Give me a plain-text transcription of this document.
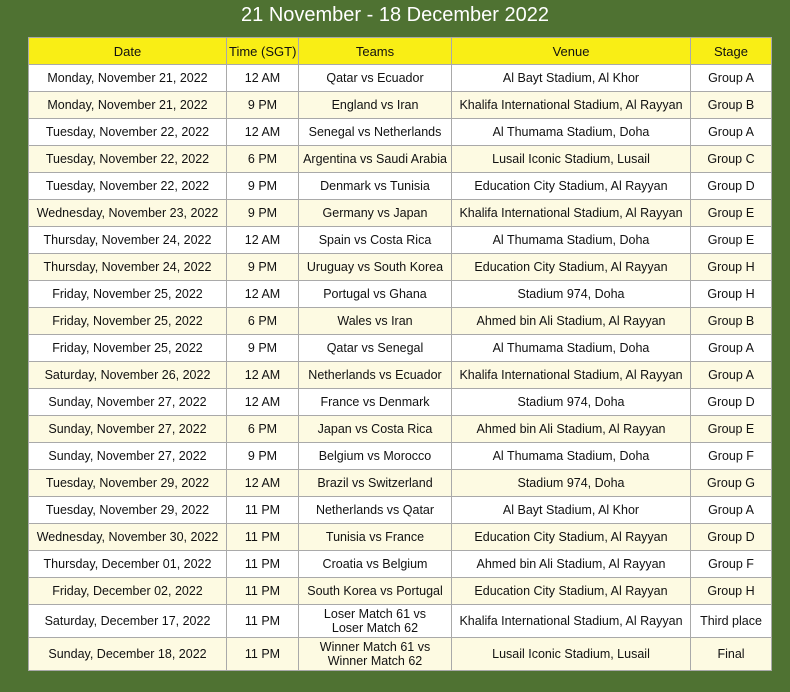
21 November - 18 December 2022
Date	Time (SGT)	Teams	Venue	Stage
Monday, November 21, 2022	12 AM	Qatar vs Ecuador	Al Bayt Stadium, Al Khor	Group A
Monday, November 21, 2022	9 PM	England vs Iran	Khalifa International Stadium, Al Rayyan	Group B
Tuesday, November 22, 2022	12 AM	Senegal vs Netherlands	Al Thumama Stadium, Doha	Group A
Tuesday, November 22, 2022	6 PM	Argentina vs Saudi Arabia	Lusail Iconic Stadium, Lusail	Group C
Tuesday, November 22, 2022	9 PM	Denmark vs Tunisia	Education City Stadium, Al Rayyan	Group D
Wednesday, November 23, 2022	9 PM	Germany vs Japan	Khalifa International Stadium, Al Rayyan	Group E
Thursday, November 24, 2022	12 AM	Spain vs Costa Rica	Al Thumama Stadium, Doha	Group E
Thursday, November 24, 2022	9 PM	Uruguay vs South Korea	Education City Stadium, Al Rayyan	Group H
Friday, November 25, 2022	12 AM	Portugal vs Ghana	Stadium 974, Doha	Group H
Friday, November 25, 2022	6 PM	Wales vs Iran	Ahmed bin Ali Stadium, Al Rayyan	Group B
Friday, November 25, 2022	9 PM	Qatar vs Senegal	Al Thumama Stadium, Doha	Group A
Saturday, November 26, 2022	12 AM	Netherlands vs Ecuador	Khalifa International Stadium, Al Rayyan	Group A
Sunday, November 27, 2022	12 AM	France vs Denmark	Stadium 974, Doha	Group D
Sunday, November 27, 2022	6 PM	Japan vs Costa Rica	Ahmed bin Ali Stadium, Al Rayyan	Group E
Sunday, November 27, 2022	9 PM	Belgium vs Morocco	Al Thumama Stadium, Doha	Group F
Tuesday, November 29, 2022	12 AM	Brazil vs Switzerland	Stadium 974, Doha	Group G
Tuesday, November 29, 2022	11 PM	Netherlands vs Qatar	Al Bayt Stadium, Al Khor	Group A
Wednesday, November 30, 2022	11 PM	Tunisia vs France	Education City Stadium, Al Rayyan	Group D
Thursday, December 01, 2022	11 PM	Croatia vs Belgium	Ahmed bin Ali Stadium, Al Rayyan	Group F
Friday, December 02, 2022	11 PM	South Korea vs Portugal	Education City Stadium, Al Rayyan	Group H
Saturday, December 17, 2022	11 PM	Loser Match 61 vs Loser Match 62	Khalifa International Stadium, Al Rayyan	Third place
Sunday, December 18, 2022	11 PM	Winner Match 61 vs Winner Match 62	Lusail Iconic Stadium, Lusail	Final
